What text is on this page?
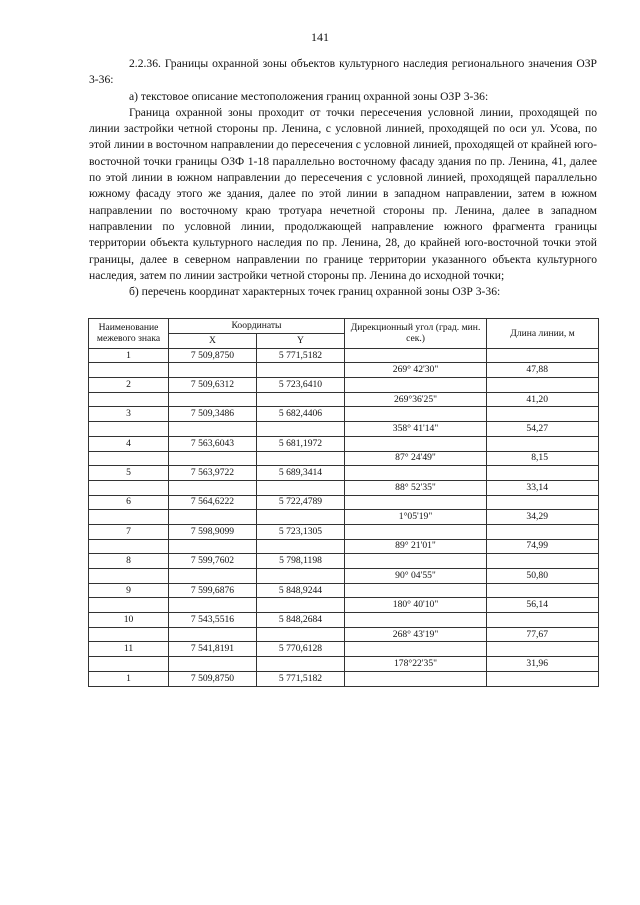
141

2.2.36. Границы охранной зоны объектов культурного наследия регионального значения ОЗР 3-36:

а) текстовое описание местоположения границ охранной зоны ОЗР 3-36:

Граница охранной зоны проходит от точки пересечения условной линии, проходящей по линии застройки четной стороны пр. Ленина, с условной линией, проходящей по оси ул. Усова, по этой линии в восточном направлении до пересечения с условной линией, проходящей от крайней юго-восточной точки границы ОЗФ 1-18 параллельно восточному фасаду здания по пр. Ленина, 41, далее по этой линии в южном направлении до пересечения с условной линией, проходящей параллельно южному фасаду этого же здания, далее по этой линии в западном направлении, затем в южном направлении по восточному краю тротуара нечетной стороны пр. Ленина, далее в западном направлении по условной линии, продолжающей направление южного фрагмента границы территории объекта культурного наследия по пр. Ленина, 28, до крайней юго-восточной точки этой границы, далее в северном направлении по границе территории указанного объекта культурного наследия, затем по линии застройки четной стороны пр. Ленина до исходной точки;

б) перечень координат характерных точек границ охранной зоны ОЗР 3-36:

Наименование межевого знака	Координаты		Дирекционный угол (град. мин. сек.)	Длина линии, м
	X	Y		
1	7 509,8750	5 771,5182		
			269° 42'30"	47,88
2	7 509,6312	5 723,6410		
			269°36'25"	41,20
3	7 509,3486	5 682,4406		
			358° 41'14"	54,27
4	7 563,6043	5 681,1972		
			87° 24'49"	8,15
5	7 563,9722	5 689,3414		
			88° 52'35"	33,14
6	7 564,6222	5 722,4789		
			1°05'19"	34,29
7	7 598,9099	5 723,1305		
			89° 21'01"	74,99
8	7 599,7602	5 798,1198		
			90° 04'55"	50,80
9	7 599,6876	5 848,9244		
			180° 40'10"	56,14
10	7 543,5516	5 848,2684		
			268° 43'19"	77,67
11	7 541,8191	5 770,6128		
			178°22'35"	31,96
1	7 509,8750	5 771,5182		
